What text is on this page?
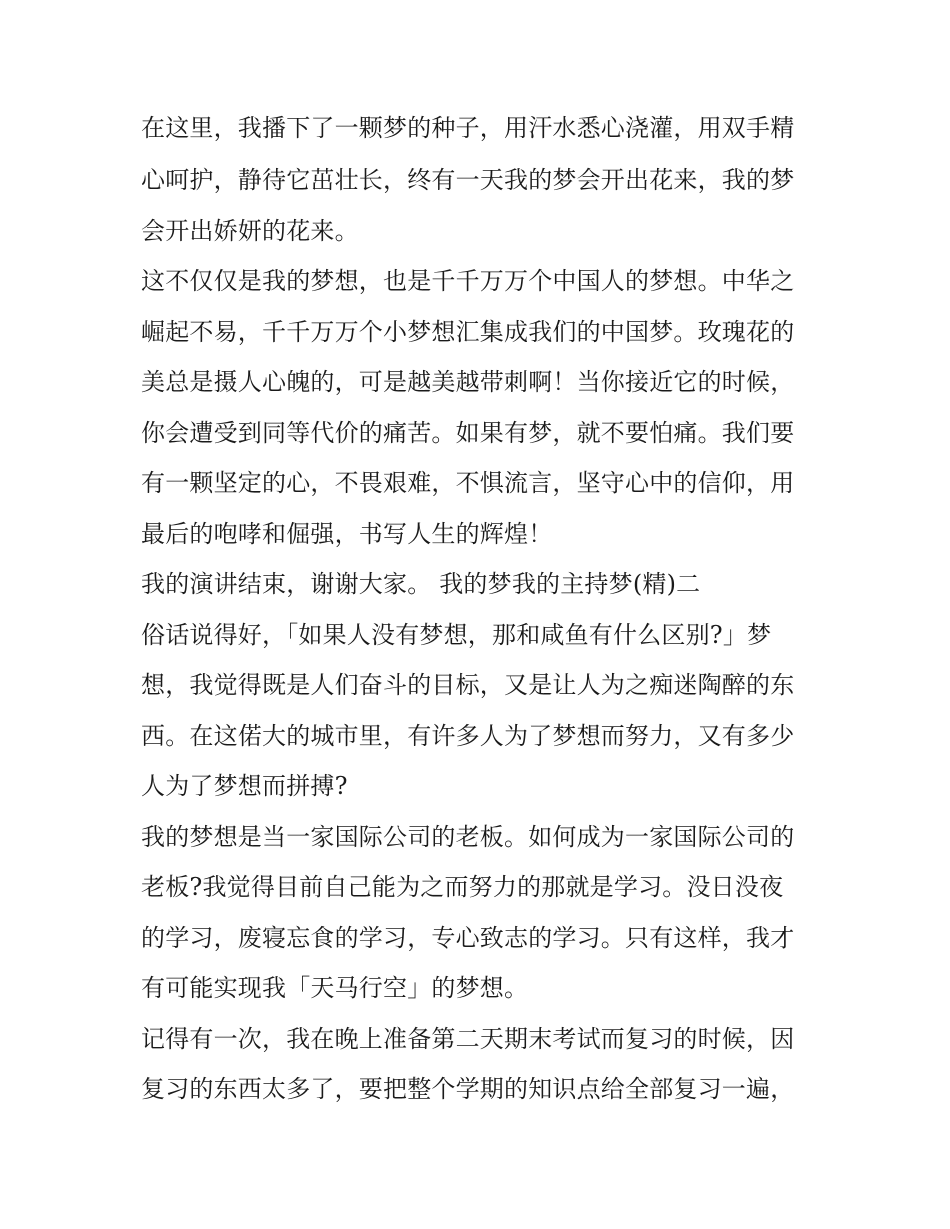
在这里，我播下了一颗梦的种子，用汗水悉心浇灌，用双手精
心呵护，静待它茁壮长，终有一天我的梦会开出花来，我的梦
会开出娇妍的花来。
这不仅仅是我的梦想，也是千千万万个中国人的梦想。中华之
崛起不易，千千万万个小梦想汇集成我们的中国梦。玫瑰花的
美总是摄人心魄的，可是越美越带刺啊！当你接近它的时候，
你会遭受到同等代价的痛苦。如果有梦，就不要怕痛。我们要
有一颗坚定的心，不畏艰难，不惧流言，坚守心中的信仰，用
最后的咆哮和倔强，书写人生的辉煌！
我的演讲结束，谢谢大家。 我的梦我的主持梦(精)二
俗话说得好，「如果人没有梦想，那和咸鱼有什么区别?」梦
想，我觉得既是人们奋斗的目标，又是让人为之痴迷陶醉的东
西。在这偌大的城市里，有许多人为了梦想而努力，又有多少
人为了梦想而拼搏?
我的梦想是当一家国际公司的老板。如何成为一家国际公司的
老板?我觉得目前自己能为之而努力的那就是学习。没日没夜
的学习，废寝忘食的学习，专心致志的学习。只有这样，我才
有可能实现我「天马行空」的梦想。
记得有一次，我在晚上准备第二天期末考试而复习的时候，因
复习的东西太多了，要把整个学期的知识点给全部复习一遍，
